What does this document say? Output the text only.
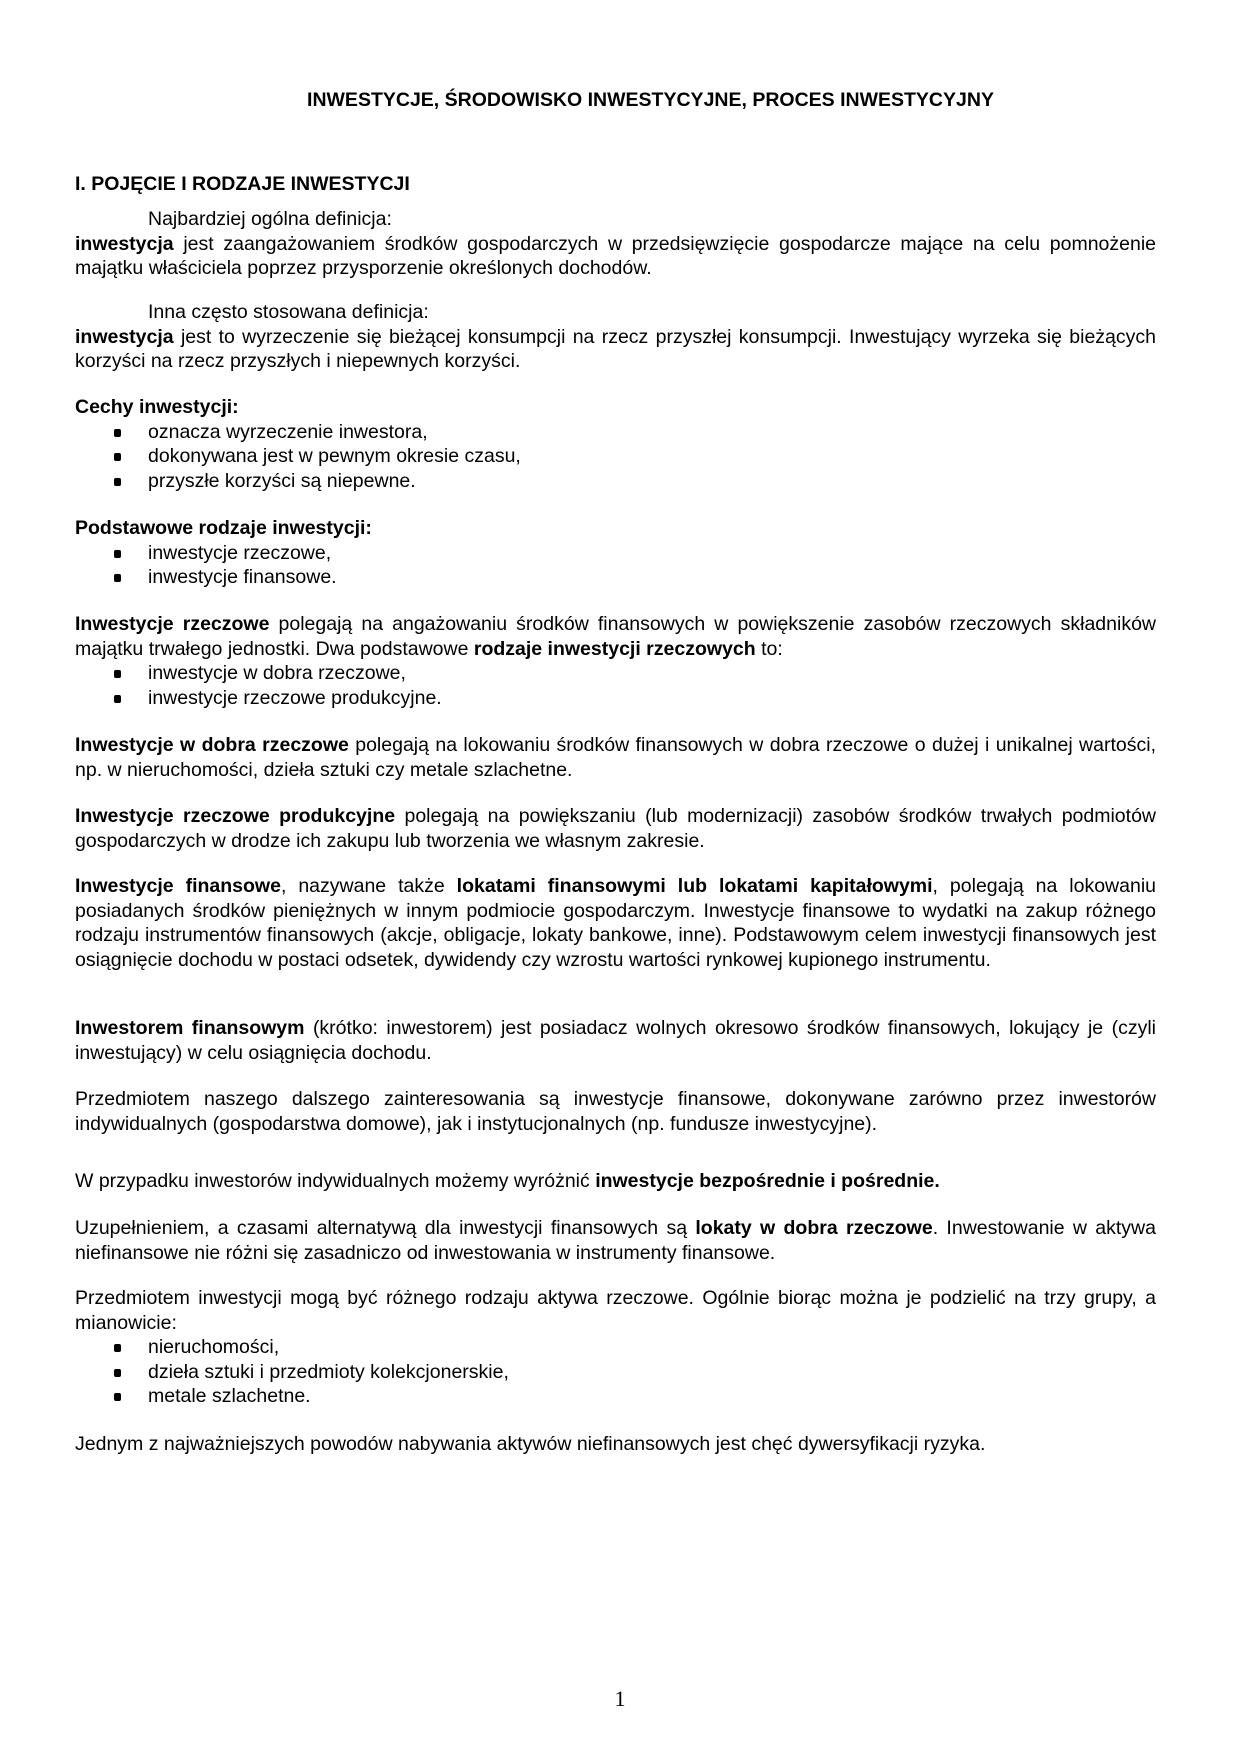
INWESTYCJE, ŚRODOWISKO INWESTYCYJNE, PROCES INWESTYCYJNY
I. POJĘCIE I RODZAJE INWESTYCJI

Najbardziej ogólna definicja:

inwestycja jest zaangażowaniem środków gospodarczych w przedsięwzięcie gospodarcze mające na celu pomnożenie majątku właściciela poprzez przysporzenie określonych dochodów.

Inna często stosowana definicja:

inwestycja jest to wyrzeczenie się bieżącej konsumpcji na rzecz przyszłej konsumpcji. Inwestujący wyrzeka się bieżących korzyści na rzecz przyszłych i niepewnych korzyści.

Cechy inwestycji:

oznacza wyrzeczenie inwestora,
dokonywana jest w pewnym okresie czasu,
przyszłe korzyści są niepewne.

Podstawowe rodzaje inwestycji:

inwestycje rzeczowe,
inwestycje finansowe.

Inwestycje rzeczowe polegają na angażowaniu środków finansowych w powiększenie zasobów rzeczowych składników majątku trwałego jednostki. Dwa podstawowe rodzaje inwestycji rzeczowych to:

inwestycje w dobra rzeczowe,
inwestycje rzeczowe produkcyjne.

Inwestycje w dobra rzeczowe polegają na lokowaniu środków finansowych w dobra rzeczowe o dużej i unikalnej wartości, np. w nieruchomości, dzieła sztuki czy metale szlachetne.

Inwestycje rzeczowe produkcyjne polegają na powiększaniu (lub modernizacji) zasobów środków trwałych podmiotów gospodarczych w drodze ich zakupu lub tworzenia we własnym zakresie.

Inwestycje finansowe, nazywane także lokatami finansowymi lub lokatami kapitałowymi, polegają na lokowaniu posiadanych środków pieniężnych w innym podmiocie gospodarczym. Inwestycje finansowe to wydatki na zakup różnego rodzaju instrumentów finansowych (akcje, obligacje, lokaty bankowe, inne). Podstawowym celem inwestycji finansowych jest osiągnięcie dochodu w postaci odsetek, dywidendy czy wzrostu wartości rynkowej kupionego instrumentu.

Inwestorem finansowym (krótko: inwestorem) jest posiadacz wolnych okresowo środków finansowych, lokujący je (czyli inwestujący) w celu osiągnięcia dochodu.

Przedmiotem naszego dalszego zainteresowania są inwestycje finansowe, dokonywane zarówno przez inwestorów indywidualnych (gospodarstwa domowe), jak i instytucjonalnych (np. fundusze inwestycyjne).

W przypadku inwestorów indywidualnych możemy wyróżnić inwestycje bezpośrednie i pośrednie.

Uzupełnieniem, a czasami alternatywą dla inwestycji finansowych są lokaty w dobra rzeczowe. Inwestowanie w aktywa niefinansowe nie różni się zasadniczo od inwestowania w instrumenty finansowe.

Przedmiotem inwestycji mogą być różnego rodzaju aktywa rzeczowe. Ogólnie biorąc można je podzielić na trzy grupy, a mianowicie:

nieruchomości,
dzieła sztuki i przedmioty kolekcjonerskie,
metale szlachetne.

Jednym z najważniejszych powodów nabywania aktywów niefinansowych jest chęć dywersyfikacji ryzyka.

1
